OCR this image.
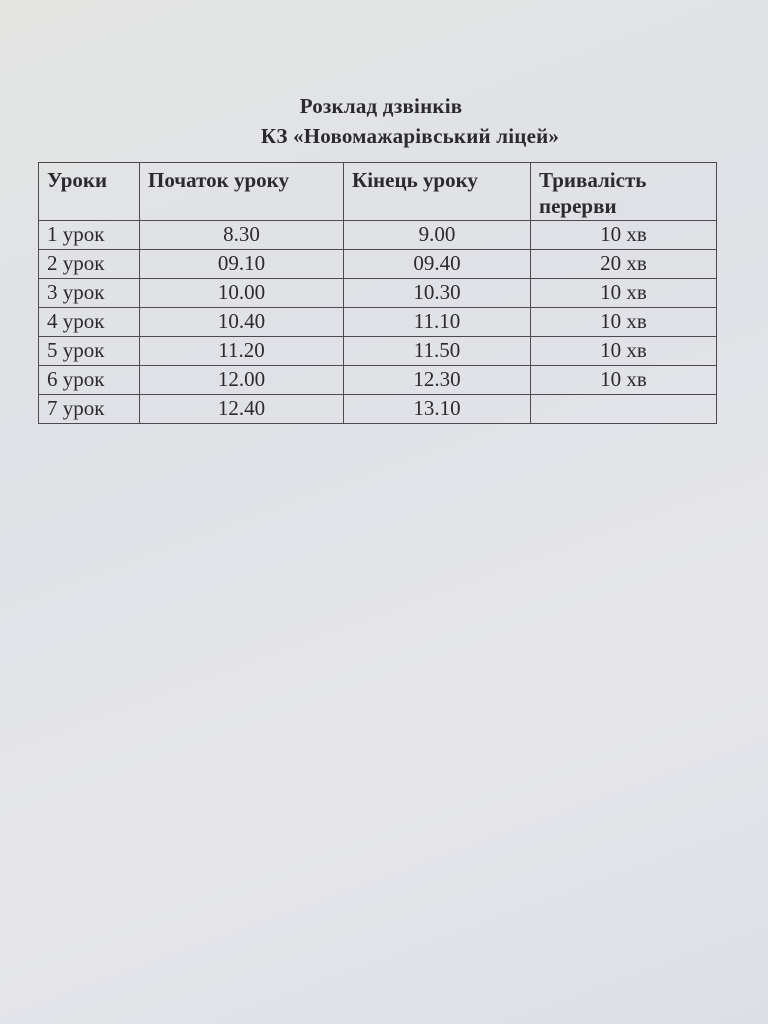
Розклад дзвінків
КЗ «Новомажарівський ліцей»
Уроки	Початок уроку	Кінець уроку	Тривалість перерви
1 урок	8.30	9.00	10 хв
2 урок	09.10	09.40	20 хв
3 урок	10.00	10.30	10 хв
4 урок	10.40	11.10	10 хв
5 урок	11.20	11.50	10 хв
6 урок	12.00	12.30	10 хв
7 урок	12.40	13.10	
